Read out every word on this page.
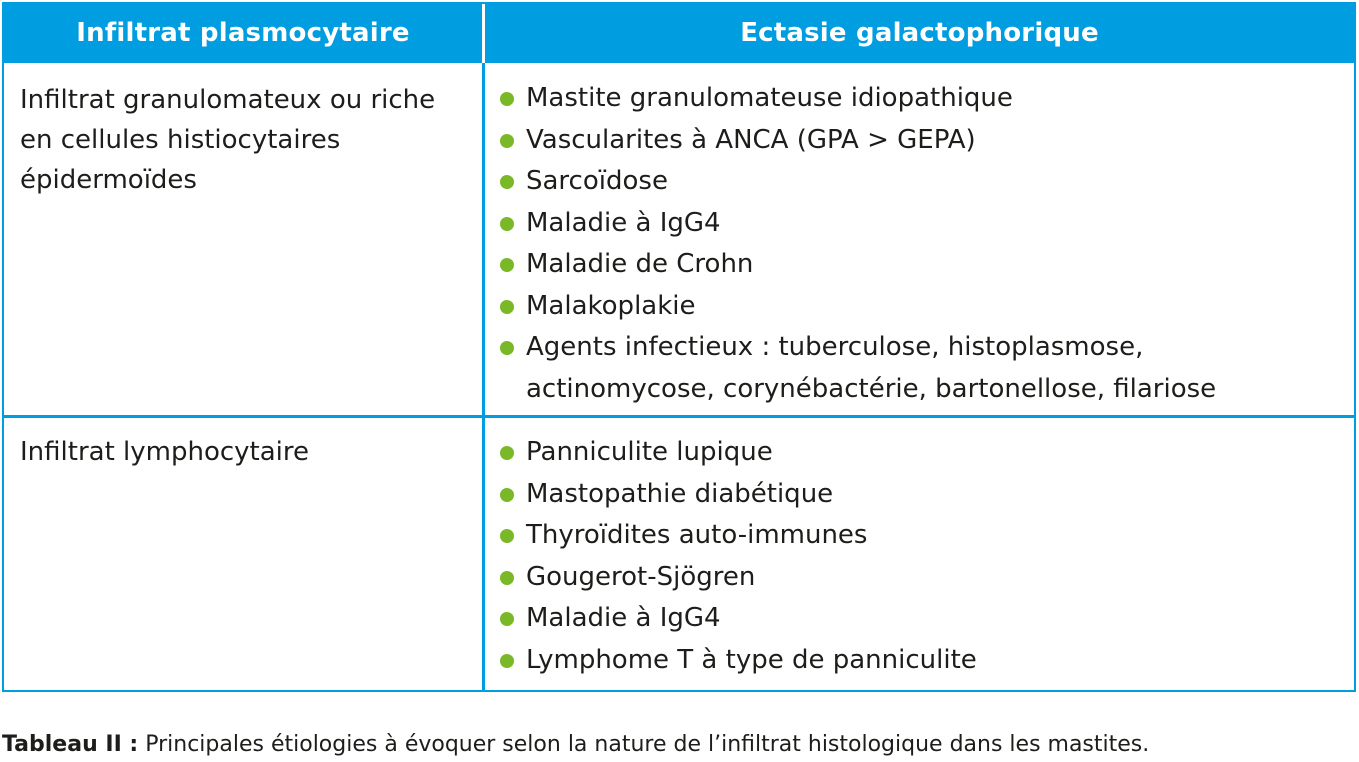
Infiltrat plasmocytaire	Ectasie galactophorique
Infiltrat granulomateux ou riche en cellules histiocytaires épidermoïdes
Mastite granulomateuse idiopathique
Vascularites à ANCA (GPA > GEPA)
Sarcoïdose
Maladie à IgG4
Maladie de Crohn
Malakoplakie
Agents infectieux : tuberculose, histoplasmose, actinomycose, corynébactérie, bartonellose, filariose
Infiltrat lymphocytaire	Panniculite lupique
Mastopathie diabétique
Thyroïdites auto-immunes
Gougerot-Sjögren
Maladie à IgG4
Lymphome T à type de panniculite
Tableau II : Principales étiologies à évoquer selon la nature de l’infiltrat histologique dans les mastites.
